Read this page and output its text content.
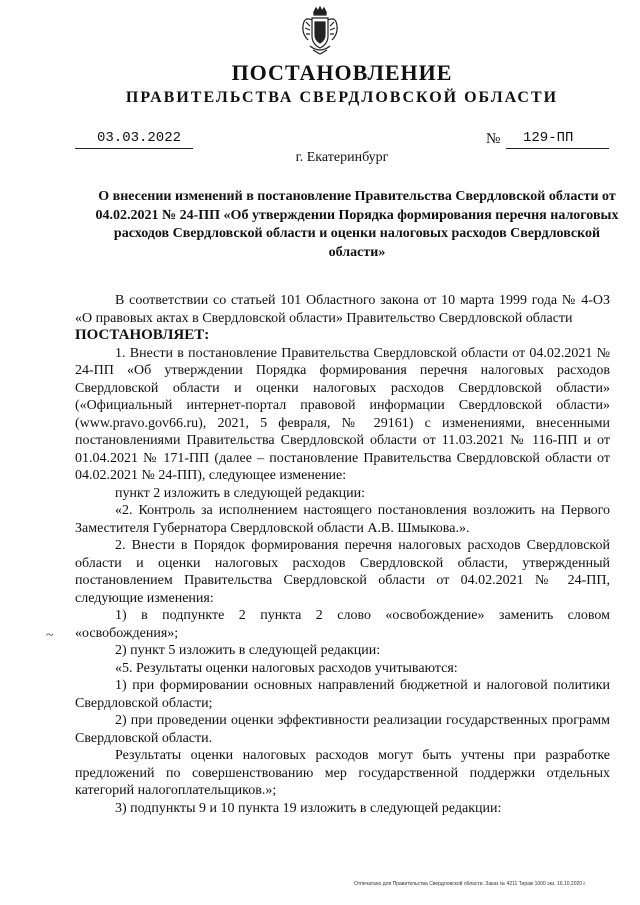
ПОСТАНОВЛЕНИЕ
ПРАВИТЕЛЬСТВА СВЕРДЛОВСКОЙ ОБЛАСТИ
03.03.2022	№ 129-ПП
г. Екатеринбург
О внесении изменений в постановление Правительства Свердловской области от 04.02.2021 № 24-ПП «Об утверждении Порядка формирования перечня налоговых расходов Свердловской области и оценки налоговых расходов Свердловской области»
~

В соответствии со статьей 101 Областного закона от 10 марта 1999 года № 4-ОЗ «О правовых актах в Свердловской области» Правительство Свердловской области

ПОСТАНОВЛЯЕТ:

1. Внести в постановление Правительства Свердловской области от 04.02.2021 № 24-ПП «Об утверждении Порядка формирования перечня налоговых расходов Свердловской области и оценки налоговых расходов Свердловской области» («Официальный интернет-портал правовой информации Свердловской области» (www.pravo.gov66.ru), 2021, 5 февраля, № 29161) с изменениями, внесенными постановлениями Правительства Свердловской области от 11.03.2021 № 116-ПП и от 01.04.2021 № 171-ПП (далее – постановление Правительства Свердловской области от 04.02.2021 № 24-ПП), следующее изменение:

пункт 2 изложить в следующей редакции:

«2. Контроль за исполнением настоящего постановления возложить на Первого Заместителя Губернатора Свердловской области А.В. Шмыкова.».

2. Внести в Порядок формирования перечня налоговых расходов Свердловской области и оценки налоговых расходов Свердловской области, утвержденный постановлением Правительства Свердловской области от 04.02.2021 № 24-ПП, следующие изменения:

1) в подпункте 2 пункта 2 слово «освобождение» заменить словом «освобождения»;

2) пункт 5 изложить в следующей редакции:

«5. Результаты оценки налоговых расходов учитываются:

1) при формировании основных направлений бюджетной и налоговой политики Свердловской области;

2) при проведении оценки эффективности реализации государственных программ Свердловской области.

Результаты оценки налоговых расходов могут быть учтены при разработке предложений по совершенствованию мер государственной поддержки отдельных категорий налогоплательщиков.»;

3) подпункты 9 и 10 пункта 19 изложить в следующей редакции:

Отпечатано для Правительства Свердловской области. Заказ № 4211 Тираж 1000 экз. 16.10.2020 г.
